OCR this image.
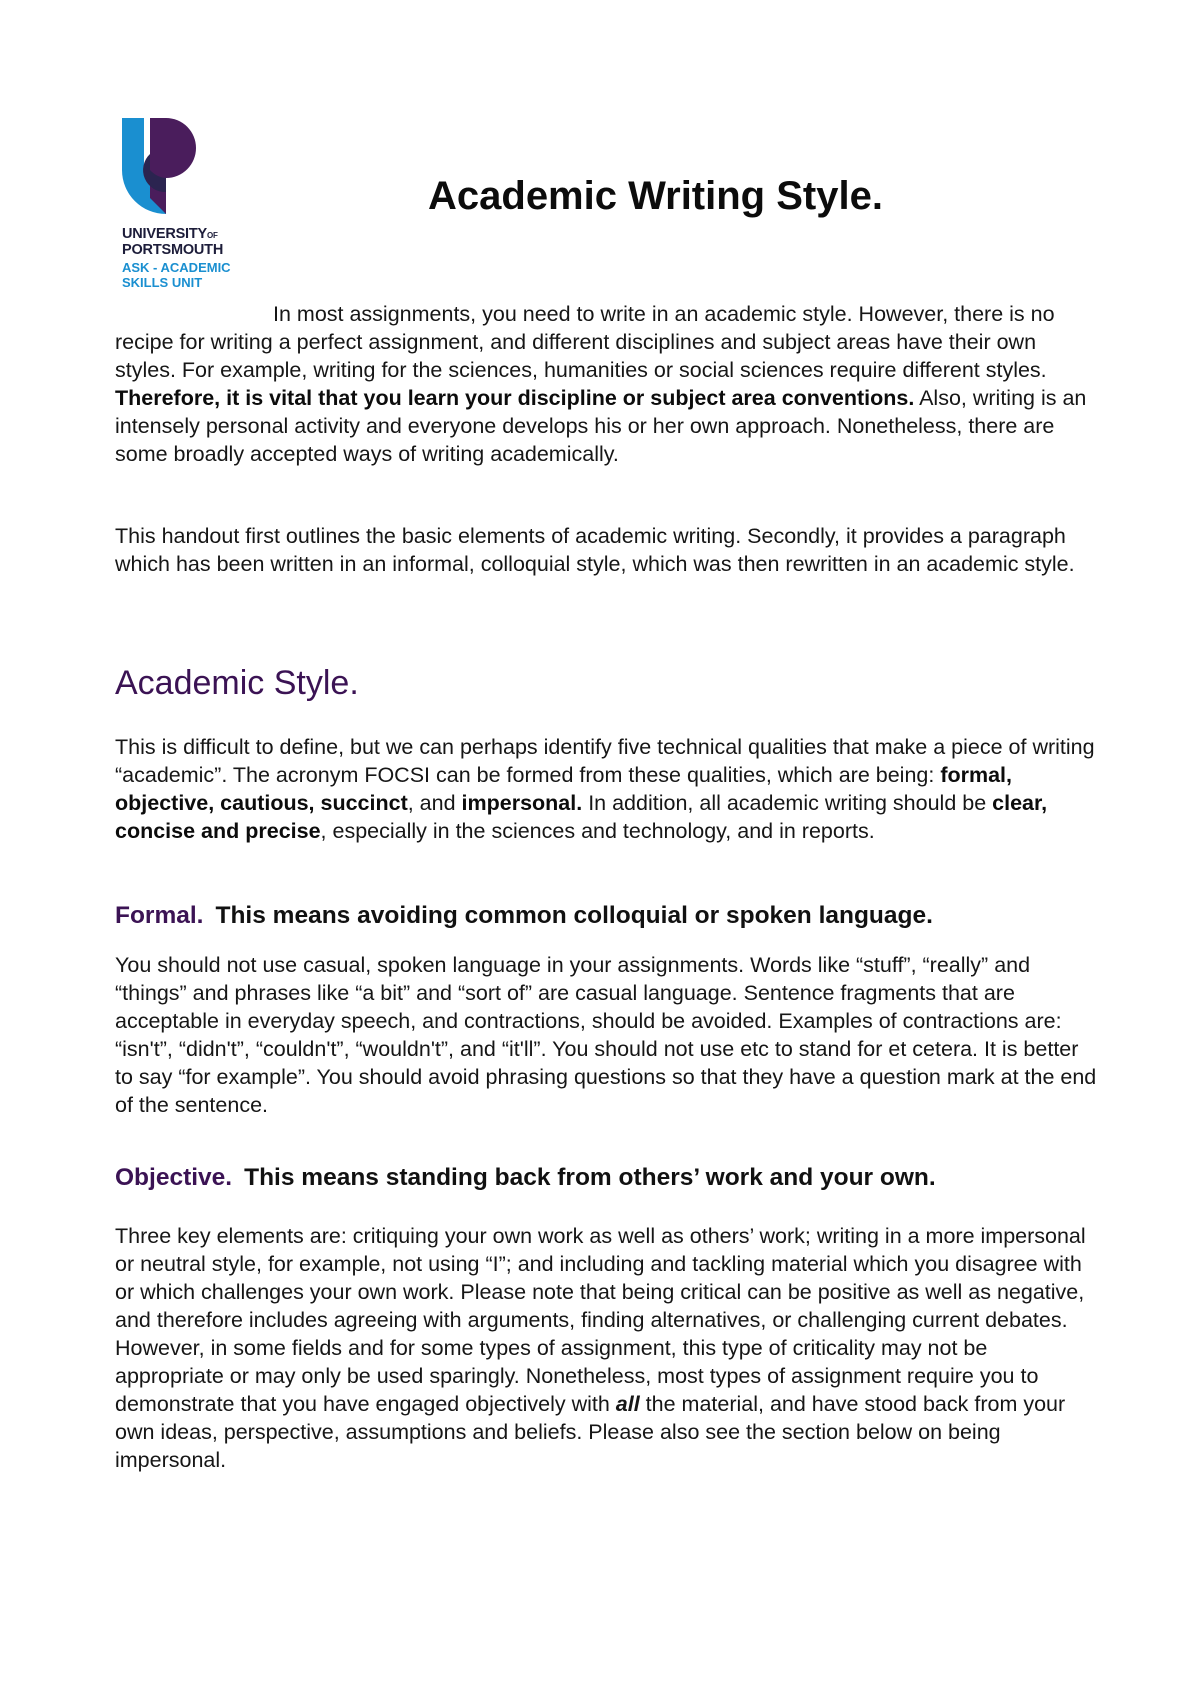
UNIVERSITYOF
PORTSMOUTH
ASK - ACADEMIC
SKILLS UNIT
Academic Writing Style.

In most assignments, you need to write in an academic style. However, there is no recipe for writing a perfect assignment, and different disciplines and subject areas have their own styles. For example, writing for the sciences, humanities or social sciences require different styles. Therefore, it is vital that you learn your discipline or subject area conventions. Also, writing is an intensely personal activity and everyone develops his or her own approach. Nonetheless, there are some broadly accepted ways of writing academically.

This handout first outlines the basic elements of academic writing. Secondly, it provides a paragraph which has been written in an informal, colloquial style, which was then rewritten in an academic style.

Academic Style.

This is difficult to define, but we can perhaps identify five technical qualities that make a piece of writing “academic”. The acronym FOCSI can be formed from these qualities, which are being: formal, objective, cautious, succinct, and impersonal. In addition, all academic writing should be clear, concise and precise, especially in the sciences and technology, and in reports.

Formal. This means avoiding common colloquial or spoken language.

You should not use casual, spoken language in your assignments. Words like “stuff”, “really” and “things” and phrases like “a bit” and “sort of” are casual language. Sentence fragments that are acceptable in everyday speech, and contractions, should be avoided. Examples of contractions are: “isn't”, “didn't”, “couldn't”, “wouldn't”, and “it'll”. You should not use etc to stand for et cetera. It is better to say “for example”. You should avoid phrasing questions so that they have a question mark at the end of the sentence.

Objective. This means standing back from others’ work and your own.

Three key elements are: critiquing your own work as well as others’ work; writing in a more impersonal or neutral style, for example, not using “I”; and including and tackling material which you disagree with or which challenges your own work. Please note that being critical can be positive as well as negative, and therefore includes agreeing with arguments, finding alternatives, or challenging current debates. However, in some fields and for some types of assignment, this type of criticality may not be appropriate or may only be used sparingly. Nonetheless, most types of assignment require you to demonstrate that you have engaged objectively with all the material, and have stood back from your own ideas, perspective, assumptions and beliefs. Please also see the section below on being impersonal.
